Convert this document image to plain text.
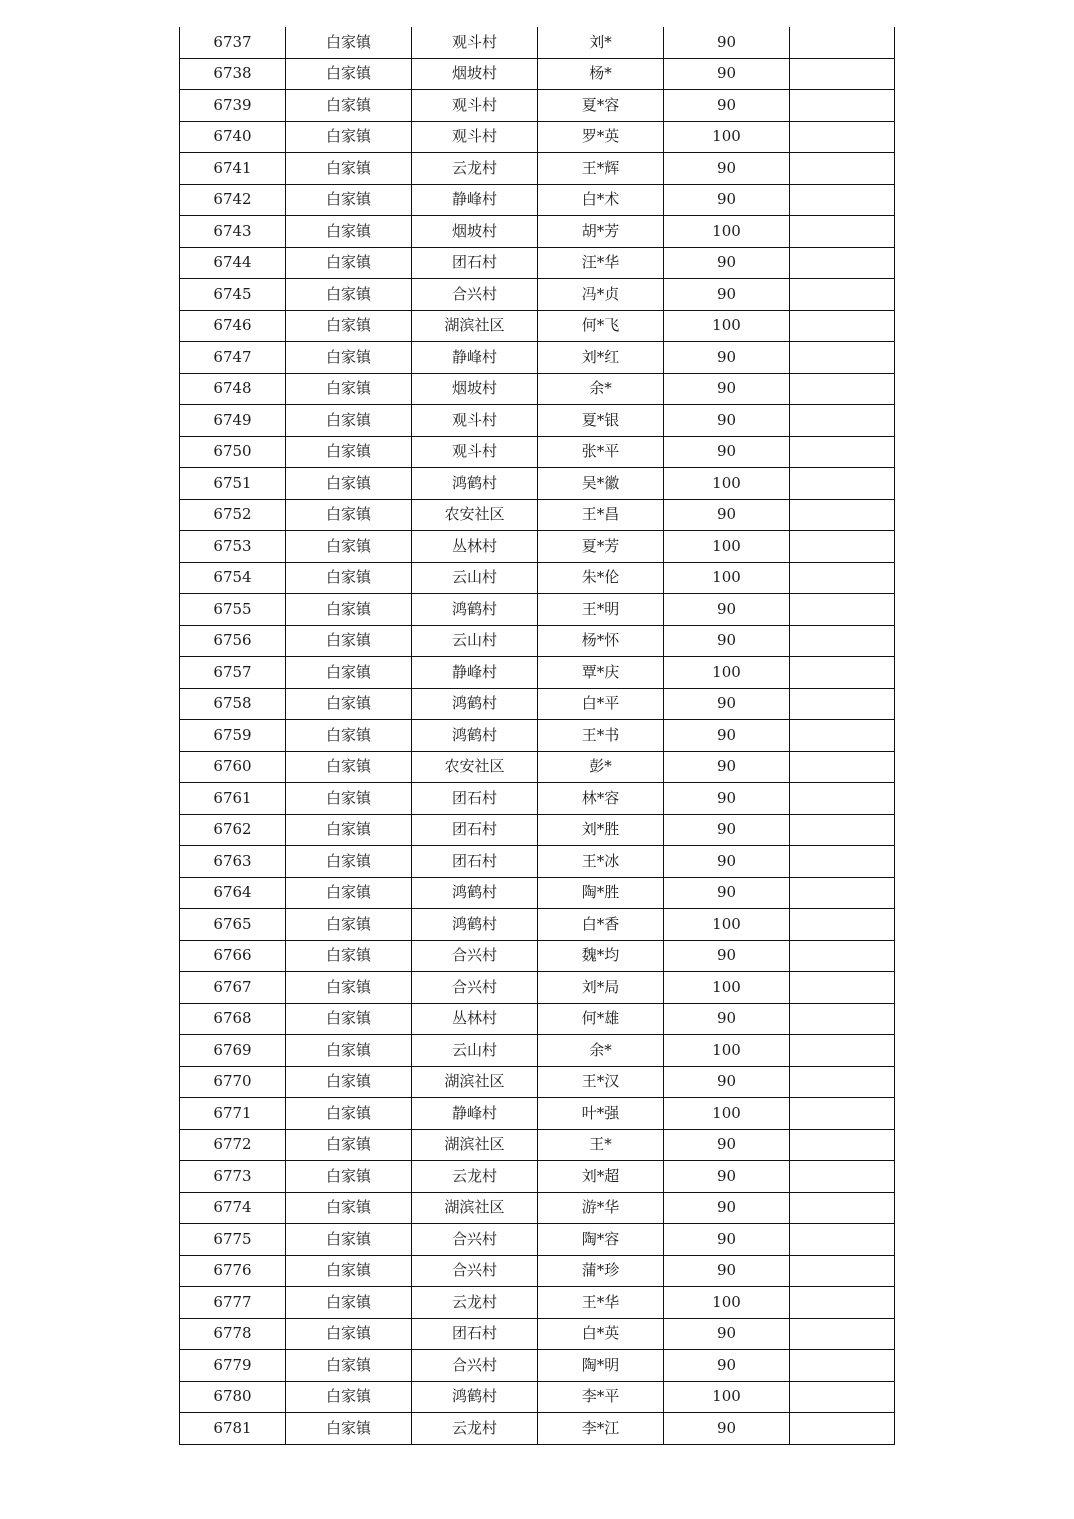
6737	白家镇	观斗村	刘*	90	
6738	白家镇	烟坡村	杨*	90	
6739	白家镇	观斗村	夏*容	90	
6740	白家镇	观斗村	罗*英	100	
6741	白家镇	云龙村	王*辉	90	
6742	白家镇	静峰村	白*术	90	
6743	白家镇	烟坡村	胡*芳	100	
6744	白家镇	团石村	汪*华	90	
6745	白家镇	合兴村	冯*贞	90	
6746	白家镇	湖滨社区	何*飞	100	
6747	白家镇	静峰村	刘*红	90	
6748	白家镇	烟坡村	余*	90	
6749	白家镇	观斗村	夏*银	90	
6750	白家镇	观斗村	张*平	90	
6751	白家镇	鸿鹤村	吴*徽	100	
6752	白家镇	农安社区	王*昌	90	
6753	白家镇	丛林村	夏*芳	100	
6754	白家镇	云山村	朱*伦	100	
6755	白家镇	鸿鹤村	王*明	90	
6756	白家镇	云山村	杨*怀	90	
6757	白家镇	静峰村	覃*庆	100	
6758	白家镇	鸿鹤村	白*平	90	
6759	白家镇	鸿鹤村	王*书	90	
6760	白家镇	农安社区	彭*	90	
6761	白家镇	团石村	林*容	90	
6762	白家镇	团石村	刘*胜	90	
6763	白家镇	团石村	王*冰	90	
6764	白家镇	鸿鹤村	陶*胜	90	
6765	白家镇	鸿鹤村	白*香	100	
6766	白家镇	合兴村	魏*均	90	
6767	白家镇	合兴村	刘*局	100	
6768	白家镇	丛林村	何*雄	90	
6769	白家镇	云山村	余*	100	
6770	白家镇	湖滨社区	王*汉	90	
6771	白家镇	静峰村	叶*强	100	
6772	白家镇	湖滨社区	王*	90	
6773	白家镇	云龙村	刘*超	90	
6774	白家镇	湖滨社区	游*华	90	
6775	白家镇	合兴村	陶*容	90	
6776	白家镇	合兴村	蒲*珍	90	
6777	白家镇	云龙村	王*华	100	
6778	白家镇	团石村	白*英	90	
6779	白家镇	合兴村	陶*明	90	
6780	白家镇	鸿鹤村	李*平	100	
6781	白家镇	云龙村	李*江	90	
